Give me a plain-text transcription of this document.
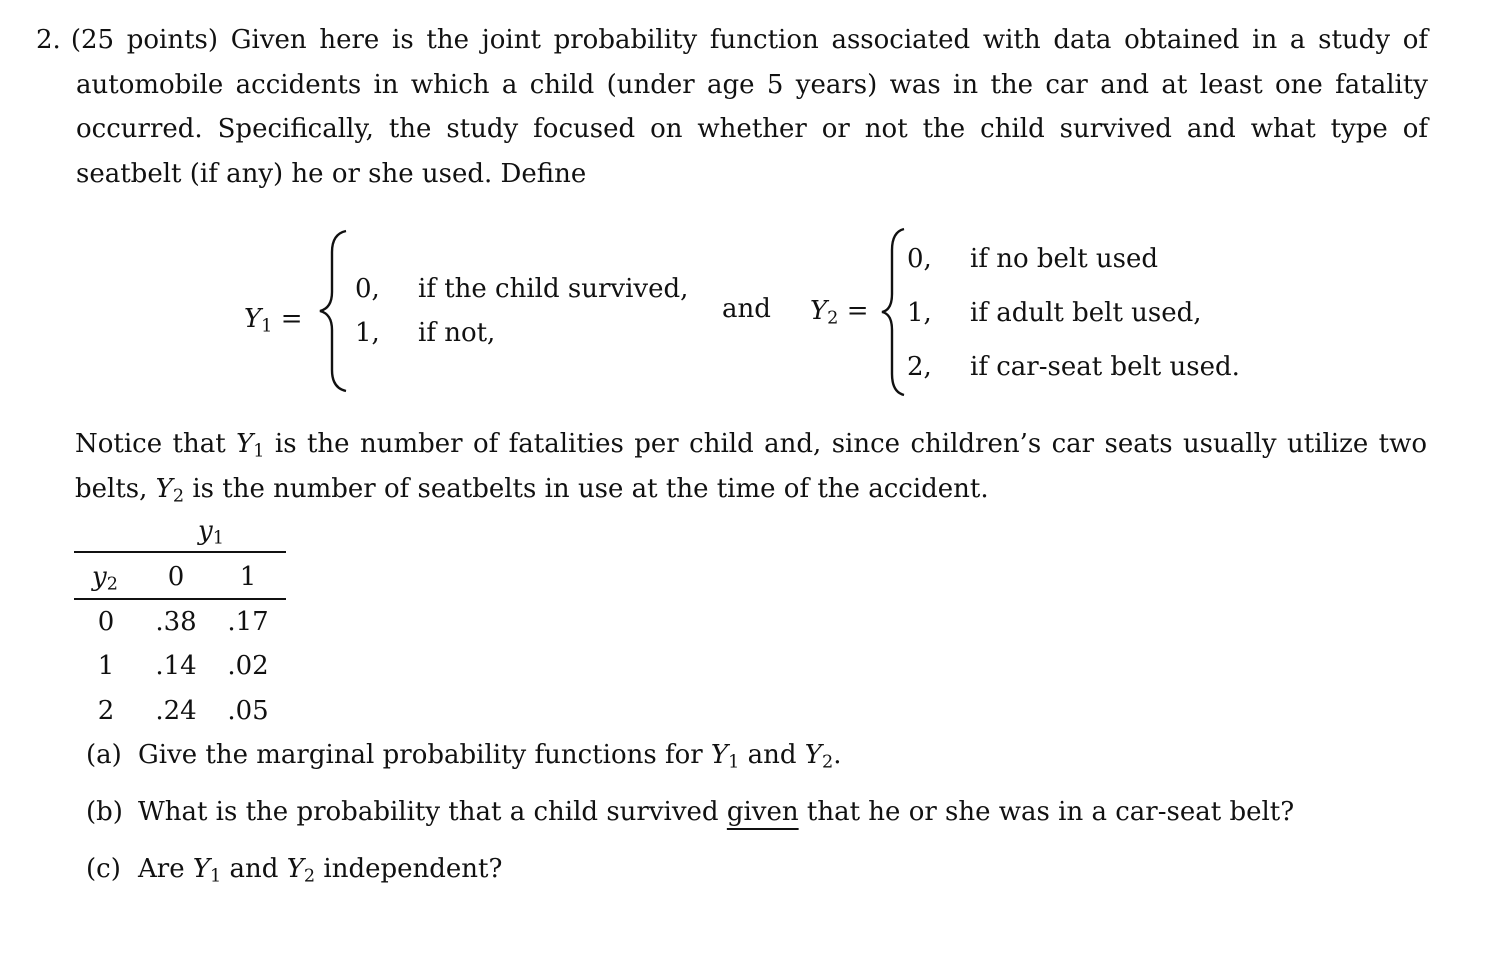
2. (25 points) Given here is the joint probability function associated with data obtained in a study of automobile accidents in which a child (under age 5 years) was in the car and at least one fatality occurred. Specifically, the study focused on whether or not the child survived and what type of seatbelt (if any) he or she used. Define
$Y_1$ =
0, if the child survived,
1, if not,
and $Y_2$ =
0, if no belt used
1, if adult belt used,
2, if car-seat belt used.
Notice that $Y_1$ is the number of fatalities per child and, since children’s car seats usually utilize two belts, $Y_2$ is the number of seatbelts in use at the time of the accident.
$y_1$
$y_2$	0	1
0	.38 .17
1	.14 .02
2	.24 .05
(a) Give the marginal probability functions for $Y_1$ and $Y_2$.
(b) What is the probability that a child survived given that he or she was in a car-seat belt?
(c) Are $Y_1$ and $Y_2$ independent?
